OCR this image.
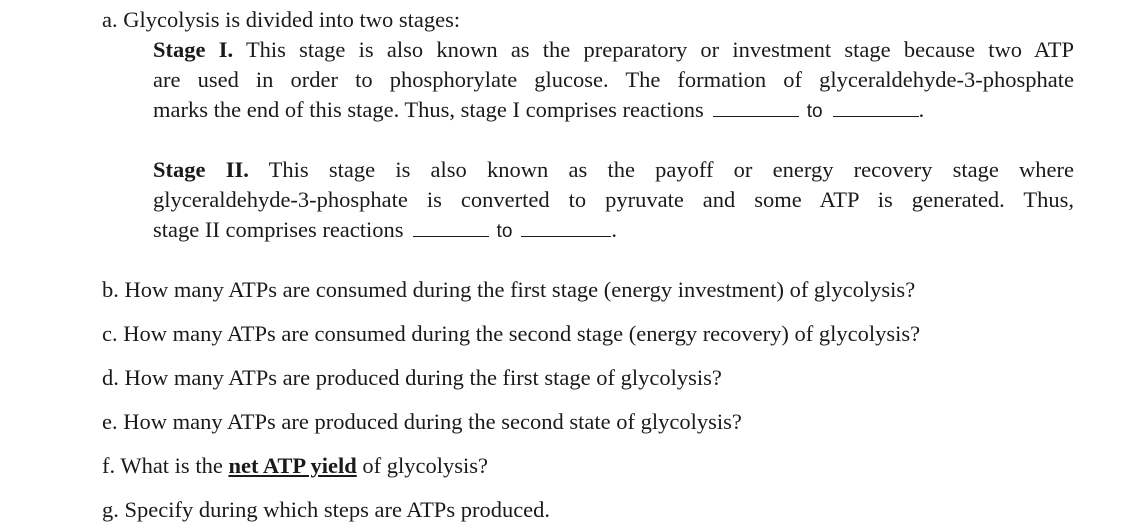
a. Glycolysis is divided into two stages:
Stage I. This stage is also known as the preparatory or investment stage because two ATP
are used in order to phosphorylate glucose. The formation of glyceraldehyde-3-phosphate
marks the end of this stage. Thus, stage I comprises reactions	to	.
Stage II. This stage is also known as the payoff or energy recovery stage where
glyceraldehyde-3-phosphate is converted to pyruvate and some ATP is generated. Thus,
stage II comprises reactions	to	.
b. How many ATPs are consumed during the first stage (energy investment) of glycolysis?
c. How many ATPs are consumed during the second stage (energy recovery) of glycolysis?
d. How many ATPs are produced during the first stage of glycolysis?
e. How many ATPs are produced during the second state of glycolysis?
f. What is the net ATP yield of glycolysis?
g. Specify during which steps are ATPs produced.
